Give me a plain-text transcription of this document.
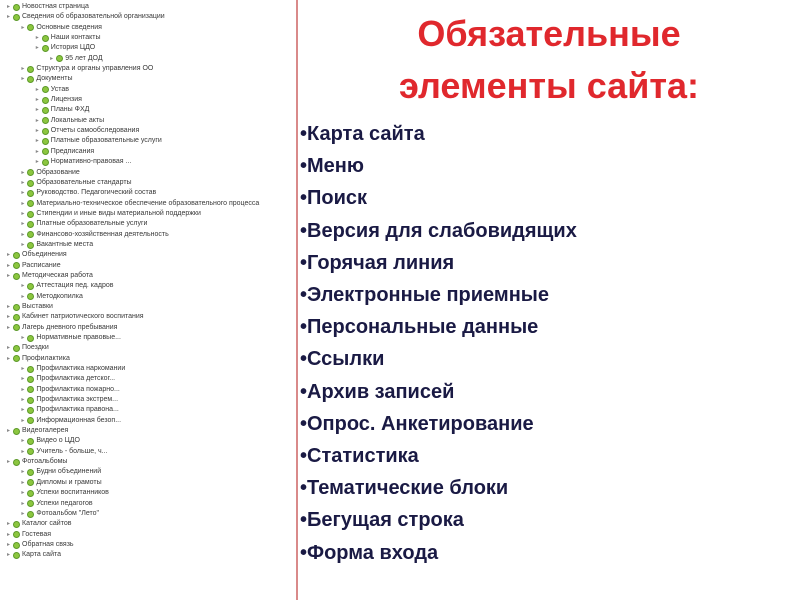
▸ Новостная страница
▸ Сведения об образовательной организации
▸ Основные сведения
▸ Наши контакты
▸ История ЦДО
▸ 95 лет ДОД
▸ Структура и органы управления ОО
▸ Документы
▸ Устав
▸ Лицензия
▸ Планы ФХД
▸ Локальные акты
▸ Отчеты самообследования
▸ Платные образовательные услуги
▸ Предписания
▸ Нормативно-правовая ...
▸ Образование
▸ Образовательные стандарты
▸ Руководство. Педагогический состав
▸ Материально-техническое обеспечение образовательного процесса
▸ Стипендии и иные виды материальной поддержки
▸ Платные образовательные услуги
▸ Финансово-хозяйственная деятельность
▸ Вакантные места
▸ Объединения
▸ Расписание
▸ Методическая работа
▸ Аттестация пед. кадров
▸ Методкопилка
▸ Выставки
▸ Кабинет патриотического воспитания
▸ Лагерь дневного пребывания
▸ Нормативные правовые...
▸ Поездки
▸ Профилактика
▸ Профилактика наркомании
▸ Профилактика детског...
▸ Профилактика пожарно...
▸ Профилактика экстрем...
▸ Профилактика правона...
▸ Информационная безоп...
▸ Видеогалерея
▸ Видео о ЦДО
▸ Учитель - больше, ч...
▸ Фотоальбомы
▸ Будни объединений
▸ Дипломы и грамоты
▸ Успехи воспитанников
▸ Успехи педагогов
▸ Фотоальбом "Лето"
▸ Каталог сайтов
▸ Гостевая
▸ Обратная связь
▸ Карта сайта
Обязательные
элементы сайта:
•Карта сайта
•Меню
•Поиск
•Версия для слабовидящих
•Горячая линия
•Электронные приемные
•Персональные данные
•Ссылки
•Архив записей
•Опрос. Анкетирование
•Статистика
•Тематические блоки
•Бегущая строка
•Форма входа
